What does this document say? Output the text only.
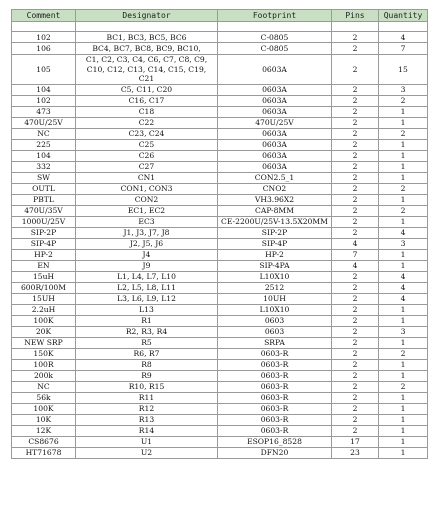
Comment	Designator	Footprint	Pins	Quantity

102	BC1, BC3, BC5, BC6	C-0805	2	4
106	BC4, BC7, BC8, BC9, BC10,	C-0805	2	7
105	C1, C2, C3, C4, C6, C7, C8, C9, C10, C12, C13, C14, C15, C19, C21	0603A	2	15
104	C5, C11, C20	0603A	2	3
102	C16, C17	0603A	2	2
473	C18	0603A	2	1
470U/25V	C22	470U/25V	2	1
NC	C23, C24	0603A	2	2
225	C25	0603A	2	1
104	C26	0603A	2	1
332	C27	0603A	2	1
SW	CN1	CON2.5_1	2	1
OUTL	CON1, CON3	CNO2	2	2
PBTL	CON2	VH3.96X2	2	1
470U/35V	EC1, EC2	CAP-8MM	2	2
1000U/25V	EC3	CE-2200U/25V-13.5X20MM	2	1
SIP-2P	J1, J3, J7, J8	SIP-2P	2	4
SIP-4P	J2, J5, J6	SIP-4P	4	3
HP-2	J4	HP-2	7	1
EN	J9	SIP-4PA	4	1
15uH	L1, L4, L7, L10	L10X10	2	4
600R/100M	L2, L5, L8, L11	2512	2	4
15UH	L3, L6, L9, L12	10UH	2	4
2.2uH	L13	L10X10	2	1
100K	R1	0603	2	1
20K	R2, R3, R4	0603	2	3
NEW SRP	R5	SRPA	2	1
150K	R6, R7	0603-R	2	2
100R	R8	0603-R	2	1
200k	R9	0603-R	2	1
NC	R10, R15	0603-R	2	2
56k	R11	0603-R	2	1
100K	R12	0603-R	2	1
10K	R13	0603-R	2	1
12K	R14	0603-R	2	1
CS8676	U1	ESOP16_8528	17	1
HT71678	U2	DFN20	23	1
